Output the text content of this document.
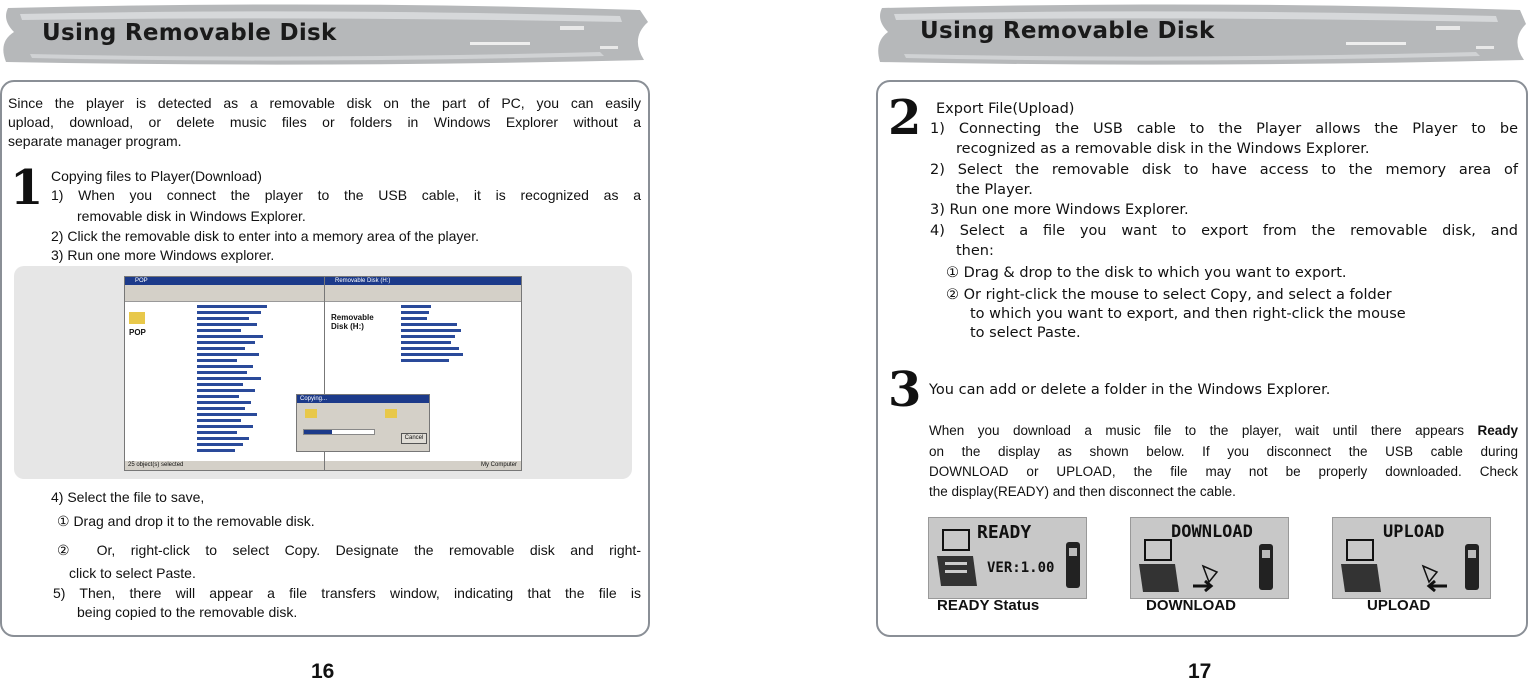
Using Removable Disk

Since the player is detected as a removable disk on the part of PC, you can easily

upload, download, or delete music files or folders in Windows Explorer without a

separate manager program.

1 Copying files to Player(Download)

1) When you connect the player to the USB cable, it is recognized as a

removable disk in Windows Explorer.

2) Click the removable disk to enter into a memory area of the player.

3) Run one more Windows explorer.

POP
POP
25 object(s) selected
Removable Disk (H:)
Removable Disk (H:)
My Computer
Copying...
Cancel

4) Select the file to save,

① Drag and drop it to the removable disk.

② Or, right-click to select Copy. Designate the removable disk and right-

click to select Paste.

5) Then, there will appear a file transfers window, indicating that the file is

being copied to the removable disk.

16
Using Removable Disk
2 Export File(Upload)

1) Connecting the USB cable to the Player allows the Player to be

recognized as a removable disk in the Windows Explorer.

2) Select the removable disk to have access to the memory area of

the Player.

3) Run one more Windows Explorer.

4) Select a file you want to export from the removable disk, and

then:

① Drag & drop to the disk to which you want to export.

② Or right-click the mouse to select Copy, and select a folder

to which you want to export, and then right-click the mouse

to select Paste.

3 You can add or delete a folder in the Windows Explorer.

When you download a music file to the player, wait until there appears Ready

on the display as shown below. If you disconnect the USB cable during

DOWNLOAD or UPLOAD, the file may not be properly downloaded. Check

the display(READY) and then disconnect the cable.

READY
VER:1.00
READY Status
DOWNLOAD
DOWNLOAD
UPLOAD
UPLOAD
17
